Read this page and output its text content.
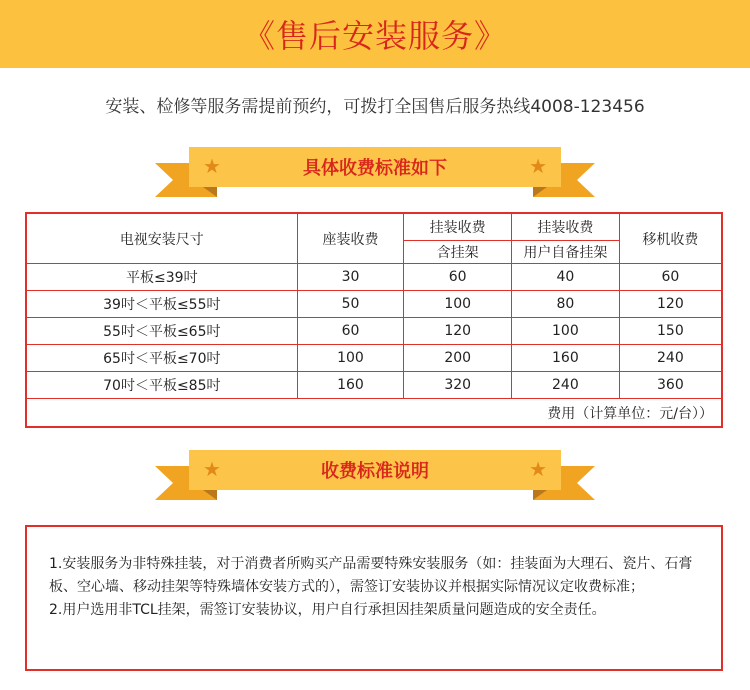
《售后安装服务》
安装、检修等服务需提前预约，可拨打全国售后服务热线4008-123456
具体收费标准如下
★	★
电视安装尺寸	座装收费	挂装收费	挂装收费	移机收费
		含挂架	用户自备挂架	
平板≤39吋	30	60	40	60
39吋＜平板≤55吋	50	100	80	120
55吋＜平板≤65吋	60	120	100	150
65吋＜平板≤70吋	100	200	160	240
70吋＜平板≤85吋	160	320	240	360
费用（计算单位：元/台））				
收费标准说明
★	★

1.安装服务为非特殊挂装，对于消费者所购买产品需要特殊安装服务（如：挂装面为大理石、瓷片、石膏板、空心墙、移动挂架等特殊墙体安装方式的），需签订安装协议并根据实际情况议定收费标准；

2.用户选用非TCL挂架，需签订安装协议，用户自行承担因挂架质量问题造成的安全责任。
